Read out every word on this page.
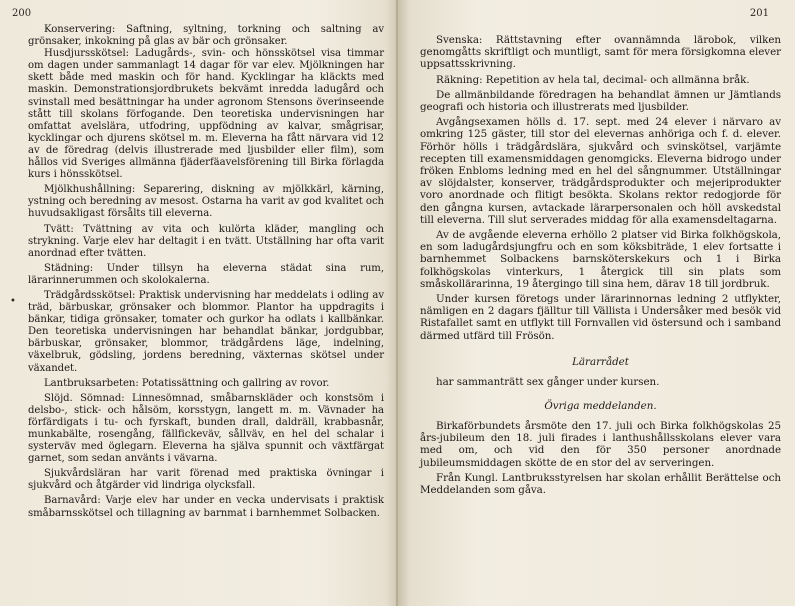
200
•

Konservering: Saftning, syltning, torkning och saltning av grönsaker, inkokning på glas av bär och grönsaker.

Husdjursskötsel: Ladugårds-, svin- och hönsskötsel visa timmar om dagen under sammanlagt 14 dagar för var elev. Mjölkningen har skett både med maskin och för hand. Kycklingar ha kläckts med maskin. Demonstrationsjordbrukets bekvämt inredda ladugård och svinstall med besättningar ha under agronom Stensons överinseende stått till skolans förfogande. Den teoretiska undervisningen har omfattat avelslära, utfodring, uppfödning av kalvar, smågrisar, kycklingar och djurens skötsel m. m. Eleverna ha fått närvara vid 12 av de föredrag (delvis illustrerade med ljusbilder eller film), som hållos vid Sveriges allmänna fjäderfäavelsförening till Birka förlagda kurs i hönsskötsel.

Mjölkhushållning: Separering, diskning av mjölkkärl, kärning, ystning och beredning av mesost. Ostarna ha varit av god kvalitet och huvudsakligast försålts till eleverna.

Tvätt: Tvättning av vita och kulörta kläder, mangling och strykning. Varje elev har deltagit i en tvätt. Utställning har ofta varit anordnad efter tvätten.

Städning: Under tillsyn ha eleverna städat sina rum, lärarinnerummen och skolokalerna.

Trädgårdsskötsel: Praktisk undervisning har meddelats i odling av träd, bärbuskar, grönsaker och blommor. Plantor ha uppdragits i bänkar, tidiga grönsaker, tomater och gurkor ha odlats i kallbänkar. Den teoretiska undervisningen har behandlat bänkar, jordgubbar, bärbuskar, grönsaker, blommor, trädgårdens läge, indelning, växelbruk, gödsling, jordens beredning, växternas skötsel under växandet.

Lantbruksarbeten: Potatissättning och gallring av rovor.

Slöjd. Sömnad: Linnesömnad, småbarnskläder och konstsöm i delsbo-, stick- och hålsöm, korsstygn, langett m. m. Vävnader ha förfärdigats i tu- och fyrskaft, bunden drall, daldräll, krabbasnår, munkabälte, rosengång, fällfickeväv, sållväv, en hel del schalar i systerväv med öglegarn. Eleverna ha själva spunnit och växtfärgat garnet, som sedan använts i vävarna.

Sjukvårdsläran har varit förenad med praktiska övningar i sjukvård och åtgärder vid lindriga olycksfall.

Barnavård: Varje elev har under en vecka undervisats i praktisk småbarnsskötsel och tillagning av barnmat i barnhemmet Solbacken.

201

Svenska: Rättstavning efter ovannämnda lärobok, vilken genomgåtts skriftligt och muntligt, samt för mera försigkomna elever uppsattsskrivning.

Räkning: Repetition av hela tal, decimal- och allmänna bråk.

De allmänbildande föredragen ha behandlat ämnen ur Jämtlands geografi och historia och illustrerats med ljusbilder.

Avgångsexamen hölls d. 17. sept. med 24 elever i närvaro av omkring 125 gäster, till stor del elevernas anhöriga och f. d. elever. Förhör hölls i trädgårdslära, sjukvård och svinskötsel, varjämte recepten till examensmiddagen genomgicks. Eleverna bidrogo under fröken Enbloms ledning med en hel del sångnummer. Utställningar av slöjdalster, konserver, trädgårdsprodukter och mejeriprodukter voro anordnade och flitigt besökta. Skolans rektor redogjorde för den gångna kursen, avtackade lärarpersonalen och höll avskedstal till eleverna. Till slut serverades middag för alla examensdeltagarna.

Av de avgående eleverna erhöllo 2 platser vid Birka folkhögskola, en som ladugårdsjungfru och en som köksbiträde, 1 elev fortsatte i barnhemmet Solbackens barnsköterskekurs och 1 i Birka folkhögskolas vinterkurs, 1 återgick till sin plats som småskollärarinna, 19 återgingo till sina hem, därav 18 till jordbruk.

Under kursen företogs under lärarinnornas ledning 2 utflykter, nämligen en 2 dagars fjälltur till Vällista i Undersåker med besök vid Ristafallet samt en utflykt till Fornvallen vid östersund och i samband därmed utfärd till Frösön.

Lärarrådet

har sammanträtt sex gånger under kursen.

Övriga meddelanden.

Birkaförbundets årsmöte den 17. juli och Birka folkhögskolas 25 års-jubileum den 18. juli firades i lanthushållsskolans elever vara med om, och vid den för 350 personer anordnade jubileumsmiddagen skötte de en stor del av serveringen.

Från Kungl. Lantbruksstyrelsen har skolan erhållit Berättelse och Meddelanden som gåva.
